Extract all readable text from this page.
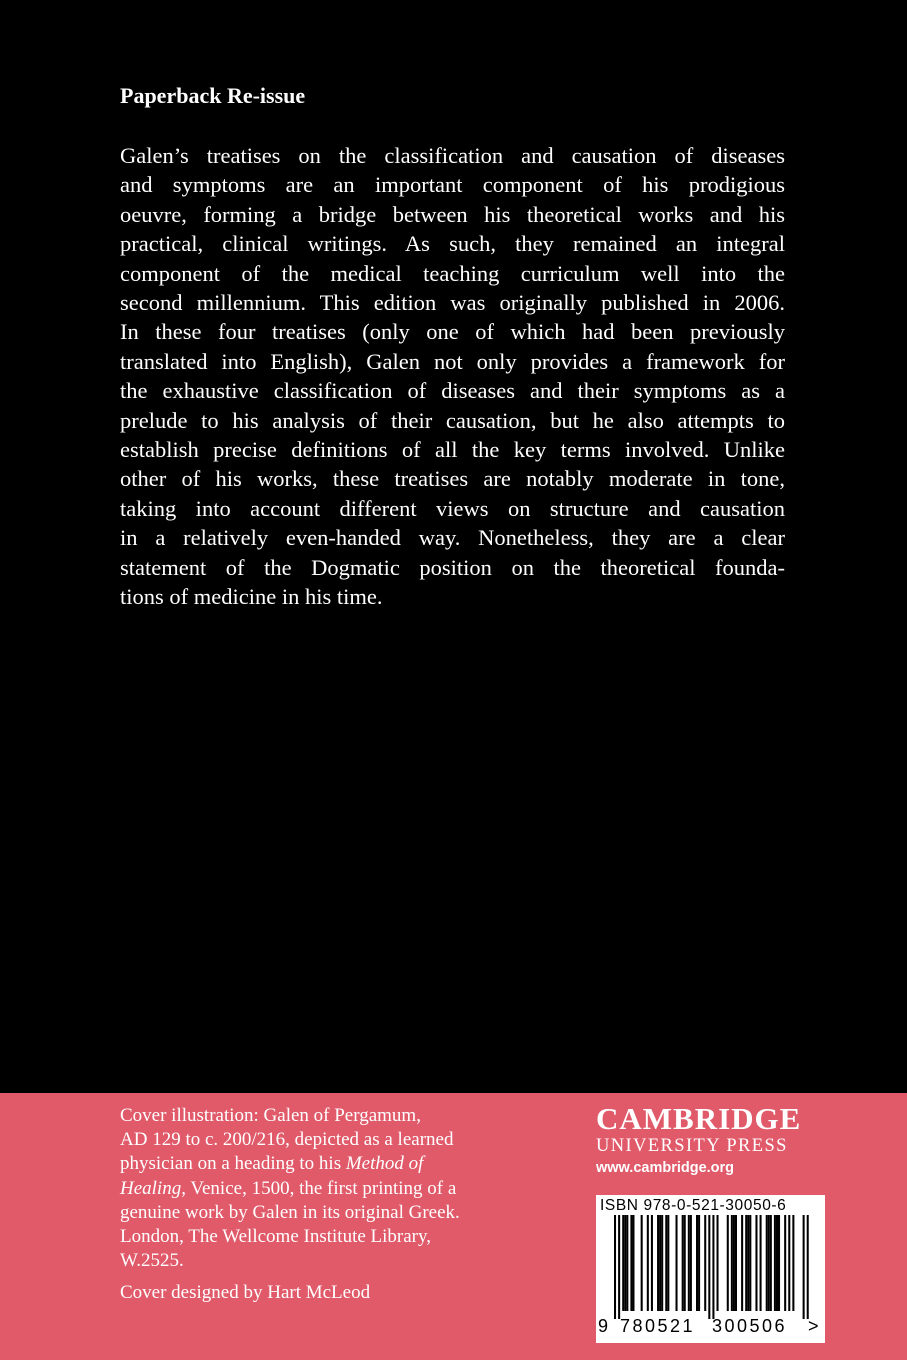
Paperback Re-issue
Galen’s treatises on the classification and causation of diseases
and symptoms are an important component of his prodigious
oeuvre, forming a bridge between his theoretical works and his
practical, clinical writings. As such, they remained an integral
component of the medical teaching curriculum well into the
second millennium. This edition was originally published in 2006.
In these four treatises (only one of which had been previously
translated into English), Galen not only provides a framework for
the exhaustive classification of diseases and their symptoms as a
prelude to his analysis of their causation, but he also attempts to
establish precise definitions of all the key terms involved. Unlike
other of his works, these treatises are notably moderate in tone,
taking into account different views on structure and causation
in a relatively even-handed way. Nonetheless, they are a clear
statement of the Dogmatic position on the theoretical founda-
tions of medicine in his time.
Cover illustration: Galen of Pergamum,
AD 129 to c. 200/216, depicted as a learned
physician on a heading to his Method of
Healing, Venice, 1500, the first printing of a
genuine work by Galen in its original Greek.
London, The Wellcome Institute Library,
W.2525.
Cover designed by Hart McLeod
CAMBRIDGE
UNIVERSITY PRESS
www.cambridge.org
ISBN 978-0-521-30050-6
9 780521 300506 >
